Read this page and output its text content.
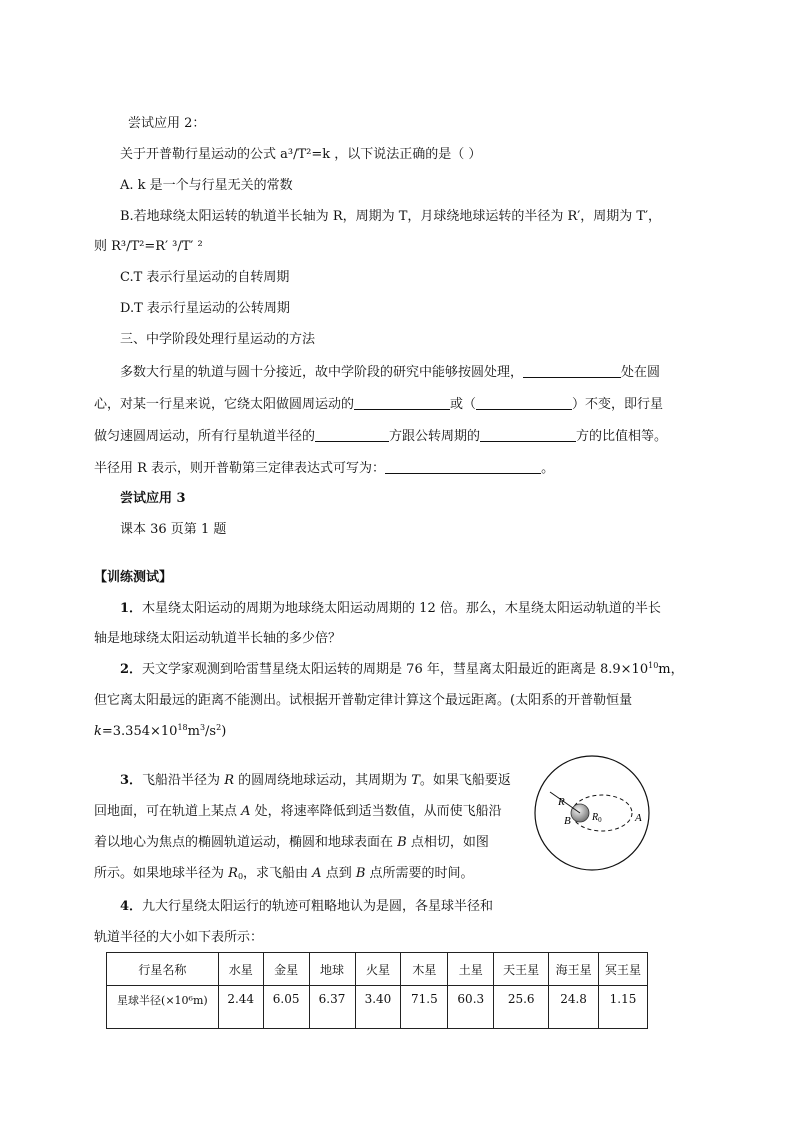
尝试应用 2：
关于开普勒行星运动的公式 a³/T²=k ，以下说法正确的是（ ）
A. k 是一个与行星无关的常数
B.若地球绕太阳运转的轨道半长轴为 R，周期为 T，月球绕地球运转的半径为 R′，周期为 T′，
则 R³/T²=R′ ³/T′ ²
C.T 表示行星运动的自转周期
D.T 表示行星运动的公转周期
三、中学阶段处理行星运动的方法
多数大行星的轨道与圆十分接近，故中学阶段的研究中能够按圆处理，	处在圆
心，对某一行星来说，它绕太阳做圆周运动的	或（	）不变，即行星
做匀速圆周运动，所有行星轨道半径的	方跟公转周期的	方的比值相等。
半径用 R 表示，则开普勒第三定律表达式可写为：	。
尝试应用 3
课本 36 页第 1 题
【训练测试】
1．木星绕太阳运动的周期为地球绕太阳运动周期的 12 倍。那么，木星绕太阳运动轨道的半长
轴是地球绕太阳运动轨道半长轴的多少倍？
2．天文学家观测到哈雷彗星绕太阳运转的周期是 76 年，彗星离太阳最近的距离是 $8.9\times 10^{10}m$，
但它离太阳最远的距离不能测出。试根据开普勒定律计算这个最远距离。(太阳系的开普勒恒量
$k=3.354\times 10^{18}m^3/s^2$)
3．飞船沿半径为 R 的圆周绕地球运动，其周期为 T。如果飞船要返
回地面，可在轨道上某点 A 处，将速率降低到适当数值，从而使飞船沿
着以地心为焦点的椭圆轨道运动，椭圆和地球表面在 B 点相切，如图
所示。如果地球半径为 $R_0$，求飞船由 A 点到 B 点所需要的时间。
R
B $R_0$	A
4．九大行星绕太阳运行的轨迹可粗略地认为是圆，各星球半径和
轨道半径的大小如下表所示：
行星名称	水星	金星	地球	火星	木星	土星	天王星	海王星	冥王星
星球半径(×10⁶m)	2.44	6.05	6.37	3.40	71.5	60.3	25.6	24.8	1.15
